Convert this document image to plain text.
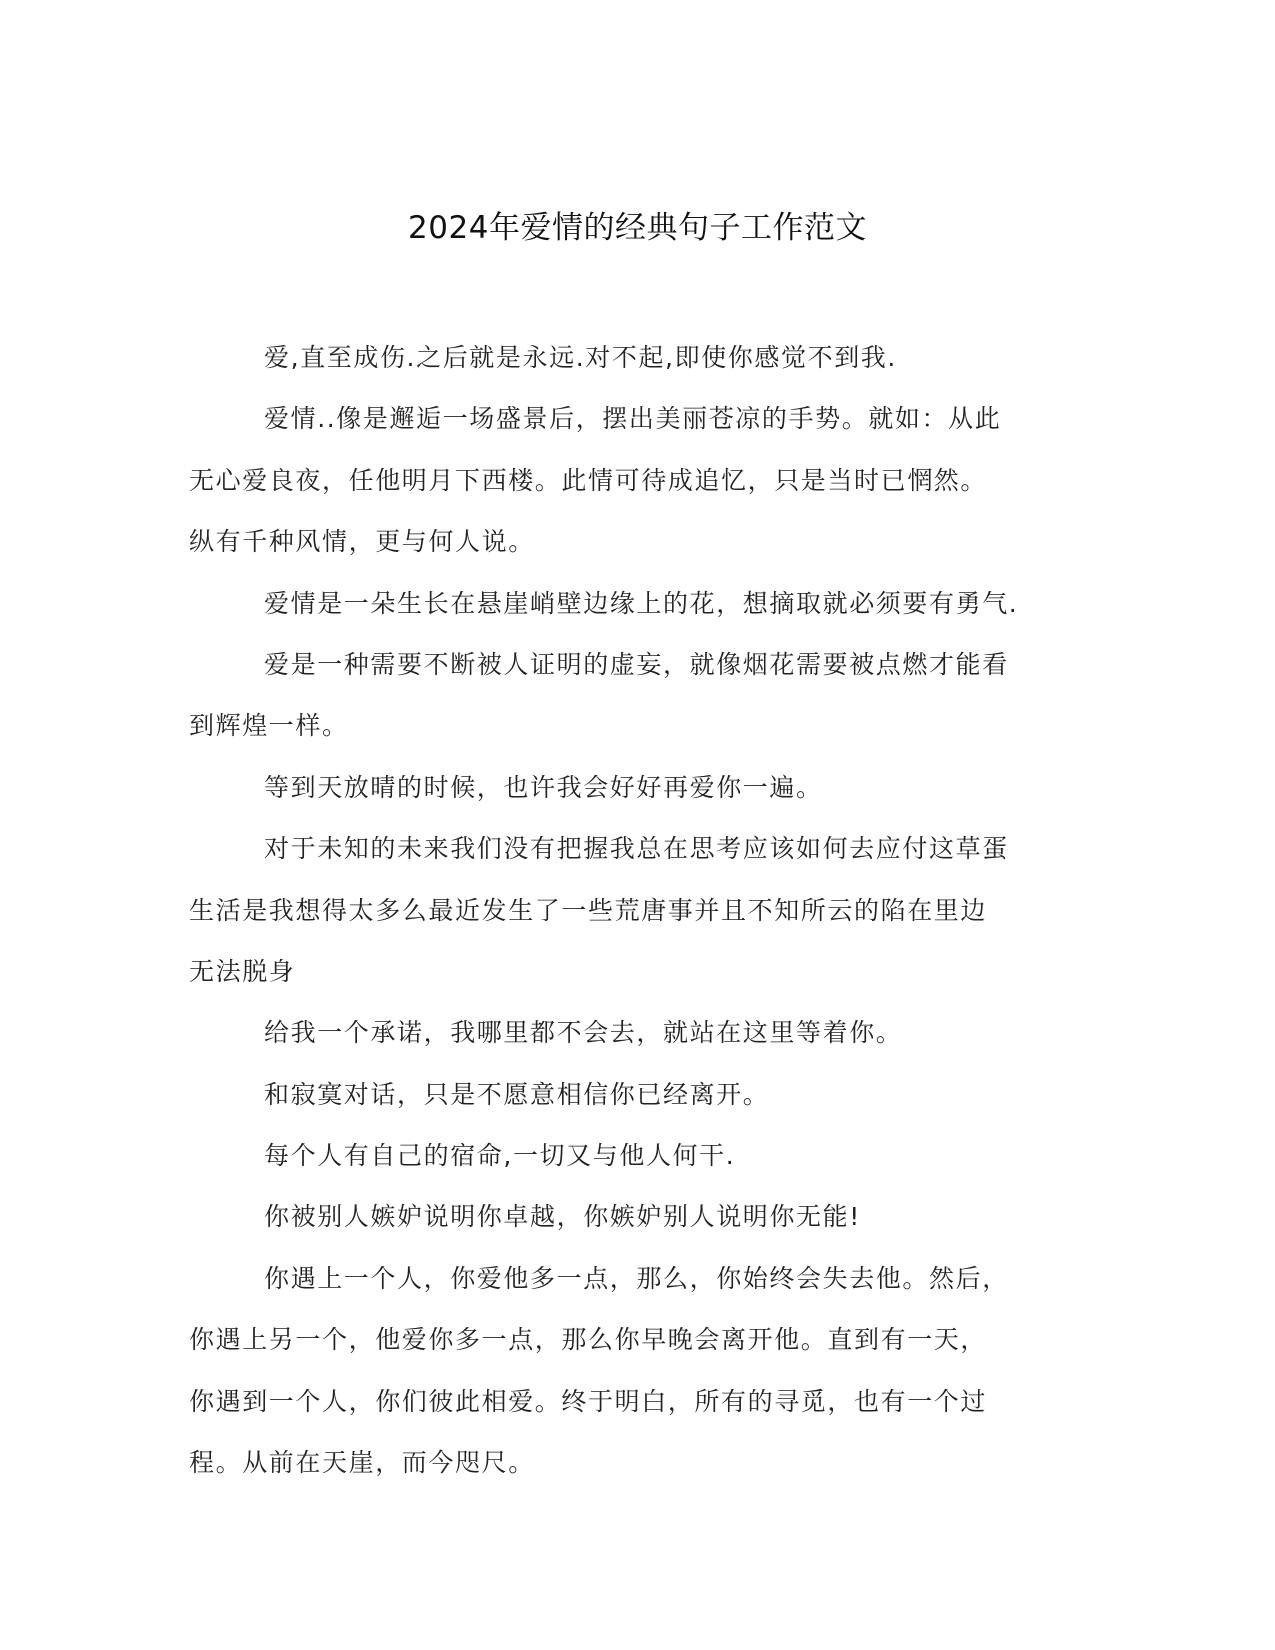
2024年爱情的经典句子工作范文
爱,直至成伤.之后就是永远.对不起,即使你感觉不到我.
爱情..像是邂逅一场盛景后，摆出美丽苍凉的手势。就如：从此
无心爱良夜，任他明月下西楼。此情可待成追忆，只是当时已惘然。
纵有千种风情，更与何人说。
爱情是一朵生长在悬崖峭壁边缘上的花，想摘取就必须要有勇气.
爱是一种需要不断被人证明的虚妄，就像烟花需要被点燃才能看
到辉煌一样。
等到天放晴的时候，也许我会好好再爱你一遍。
对于未知的未来我们没有把握我总在思考应该如何去应付这草蛋
生活是我想得太多么最近发生了一些荒唐事并且不知所云的陷在里边
无法脱身
给我一个承诺，我哪里都不会去，就站在这里等着你。
和寂寞对话，只是不愿意相信你已经离开。
每个人有自己的宿命,一切又与他人何干.
你被别人嫉妒说明你卓越，你嫉妒别人说明你无能!
你遇上一个人，你爱他多一点，那么，你始终会失去他。然后，
你遇上另一个，他爱你多一点，那么你早晚会离开他。直到有一天，
你遇到一个人，你们彼此相爱。终于明白，所有的寻觅，也有一个过
程。从前在天崖，而今咫尺。
